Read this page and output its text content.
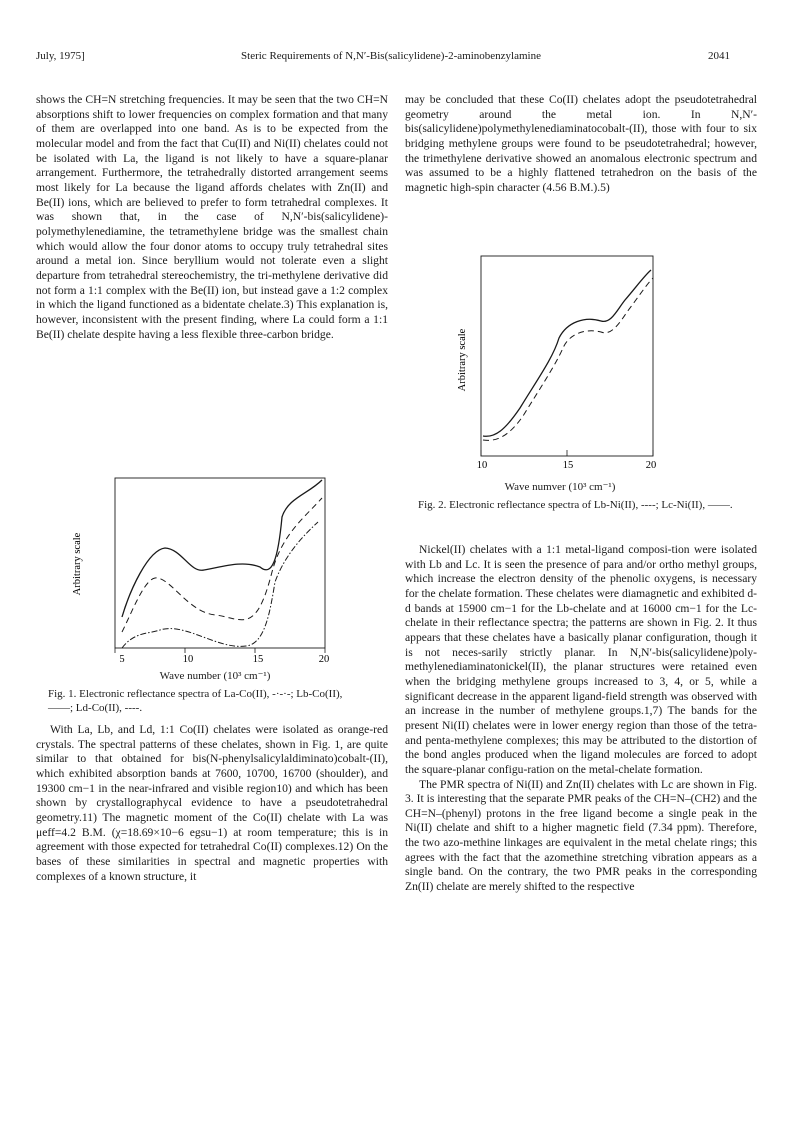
July, 1975]	Steric Requirements of N,N′-Bis(salicylidene)-2-aminobenzylamine	2041

shows the CH=N stretching frequencies. It may be seen that the two CH=N absorptions shift to lower frequencies on complex formation and that many of them are overlapped into one band. As is to be expected from the molecular model and from the fact that Cu(II) and Ni(II) chelates could not be isolated with La, the ligand is not likely to have a square-planar arrangement. Furthermore, the tetrahedrally distorted arrangement seems most likely for La because the ligand affords chelates with Zn(II) and Be(II) ions, which are believed to prefer to form tetrahedral complexes. It was shown that, in the case of N,N′-bis(salicylidene)-polymethylenediamine, the tetramethylene bridge was the smallest chain which would allow the four donor atoms to occupy truly tetrahedral sites around a metal ion. Since beryllium would not tolerate even a slight departure from tetrahedral stereochemistry, the tri-methylene derivative did not form a 1:1 complex with the Be(II) ion, but instead gave a 1:2 complex in which the ligand functioned as a bidentate chelate.3) This explanation is, however, inconsistent with the present finding, where La could form a 1:1 Be(II) chelate despite having a less flexible three-carbon bridge.

5	10	15	20
Arbitrary scale
Wave number (10³ cm⁻¹)

Fig. 1. Electronic reflectance spectra of La-Co(II), -·-·-; Lb-Co(II), ——; Ld-Co(II), ----.

With La, Lb, and Ld, 1:1 Co(II) chelates were isolated as orange-red crystals. The spectral patterns of these chelates, shown in Fig. 1, are quite similar to that obtained for bis(N-phenylsalicylaldiminato)cobalt-(II), which exhibited absorption bands at 7600, 10700, 16700 (shoulder), and 19300 cm−1 in the near-infrared and visible region10) and which has been shown by crystallographycal evidence to have a pseudotetrahedral geometry.11) The magnetic moment of the Co(II) chelate with La was μeff=4.2 B.M. (χ=18.69×10−6 egsu−1) at room temperature; this is in agreement with those expected for tetrahedral Co(II) complexes.12) On the bases of these similarities in spectral and magnetic properties with complexes of a known structure, it

may be concluded that these Co(II) chelates adopt the pseudotetrahedral geometry around the metal ion. In N,N′-bis(salicylidene)polymethylenediaminatocobalt-(II), those with four to six bridging methylene groups were found to be pseudotetrahedral; however, the trimethylene derivative showed an anomalous electronic spectrum and was assumed to be a highly flattened tetrahedron on the basis of the magnetic high-spin character (4.56 B.M.).5)

10	15	20
Arbitrary scale
Wave numver (10³ cm⁻¹)

Fig. 2. Electronic reflectance spectra of Lb-Ni(II), ----; Lc-Ni(II), ——.

Nickel(II) chelates with a 1:1 metal-ligand composi-tion were isolated with Lb and Lc. It is seen the presence of para and/or ortho methyl groups, which increase the electron density of the phenolic oxygens, is necessary for the chelate formation. These chelates were diamagnetic and exhibited d-d bands at 15900 cm−1 for the Lb-chelate and at 16000 cm−1 for the Lc-chelate in their reflectance spectra; the patterns are shown in Fig. 2. It thus appears that these chelates have a basically planar configuration, though it is not neces-sarily strictly planar. In N,N′-bis(salicylidene)poly-methylenediaminatonickel(II), the planar structures were retained even when the bridging methylene groups increased to 3, 4, or 5, while a significant decrease in the apparent ligand-field strength was observed with an increase in the number of methylene groups.1,7) The bands for the present Ni(II) chelates were in lower energy region than those of the tetra- and penta-methylene complexes; this may be attributed to the distortion of the bond angles produced when the ligand molecules are forced to adopt the square-planar configu-ration on the metal-chelate formation.

The PMR spectra of Ni(II) and Zn(II) chelates with Lc are shown in Fig. 3. It is interesting that the separate PMR peaks of the CH=N–(CH2) and the CH=N–(phenyl) protons in the free ligand become a single peak in the Ni(II) chelate and shift to a higher magnetic field (7.34 ppm). Therefore, the two azo-methine linkages are equivalent in the metal chelate rings; this agrees with the fact that the azomethine stretching vibration appears as a single band. On the contrary, the two PMR peaks in the corresponding Zn(II) chelate are merely shifted to the respective
